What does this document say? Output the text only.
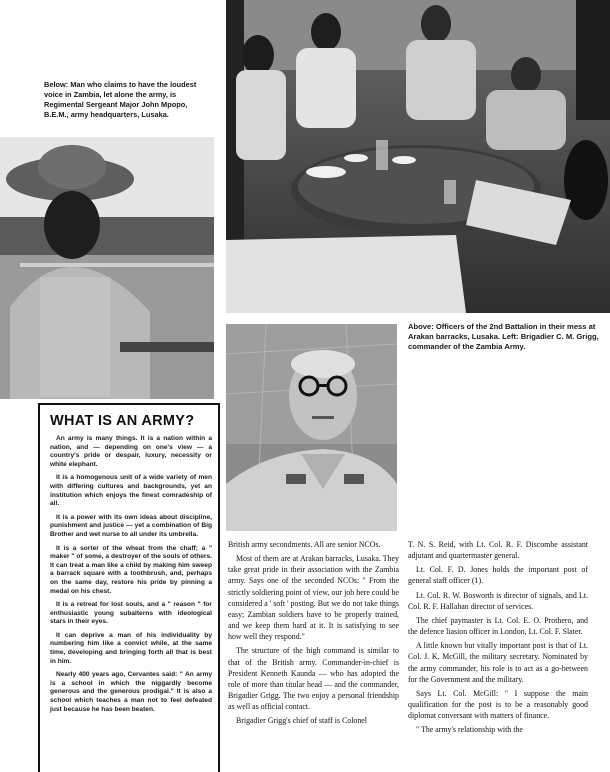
Below: Man who claims to have the loudest voice in Zambia, let alone the army, is Regimental Sergeant Major John Mpopo, B.E.M., army headquarters, Lusaka.
Above: Officers of the 2nd Battalion in their mess at Arakan barracks, Lusaka. Left: Brigadier C. M. Grigg, commander of the Zambia Army.
WHAT IS AN ARMY?

An army is many things. It is a nation within a nation, and — depending on one's view — a country's pride or despair, luxury, necessity or white elephant.

It is a homogenous unit of a wide variety of men with differing cultures and backgrounds, yet an institution which enjoys the finest comradeship of all.

It is a power with its own ideas about discipline, punishment and justice — yet a combination of Big Brother and wet nurse to all under its umbrella.

It is a sorter of the wheat from the chaff; a " maker " of some, a destroyer of the souls of others. It can treat a man like a child by making him sweep a barrack square with a toothbrush, and, perhaps on the same day, restore his pride by pinning a medal on his chest.

It is a retreat for lost souls, and a " reason " for enthusiastic young subalterns with ideological stars in their eyes.

It can deprive a man of his individuality by numbering him like a convict while, at the same time, developing and bringing forth all that is best in him.

Nearly 400 years ago, Cervantes said: " An army is a school in which the niggardly become generous and the generous prodigal." It is also a school which teaches a man not to feel defeated just because he has been beaten.

British army secondments. All are senior NCOs.

Most of them are at Arakan barracks, Lusaka. They take great pride in their association with the Zambia army. Says one of the seconded NCOs: " From the strictly soldiering point of view, our job here could be considered a ' soft ' posting. But we do not take things easy; Zambian soldiers have to be properly trained, and we keep them hard at it. It is satisfying to see how well they respond."

The structure of the high command is similar to that of the British army. Commander-in-chief is President Kenneth Kaunda — who has adopted the role of more than titular head — and the commander, Brigadier Grigg. The two enjoy a personal friendship as well as official contact.

Brigadier Grigg's chief of staff is Colonel

T. N. S. Reid, with Lt. Col. R. F. Discombe assistant adjutant and quartermaster general.

Lt. Col. F. D. Jones holds the important post of general staff officer (1).

Lt. Col. R. W. Bosworth is director of signals, and Lt. Col. R. F. Hallahan director of services.

The chief paymaster is Lt. Col. E. O. Prothero, and the defence liasion officer in London, Lt. Col. F. Slater.

A little known but vitally important post is that of Lt. Col. J. K. McGill, the military secretary. Nominated by the army commander, his role is to act as a go-between for the Government and the military.

Says Lt. Col. McGill: " I suppose the main qualification for the post is to be a reasonably good diplomat conversant with matters of finance.

" The army's relationship with the
